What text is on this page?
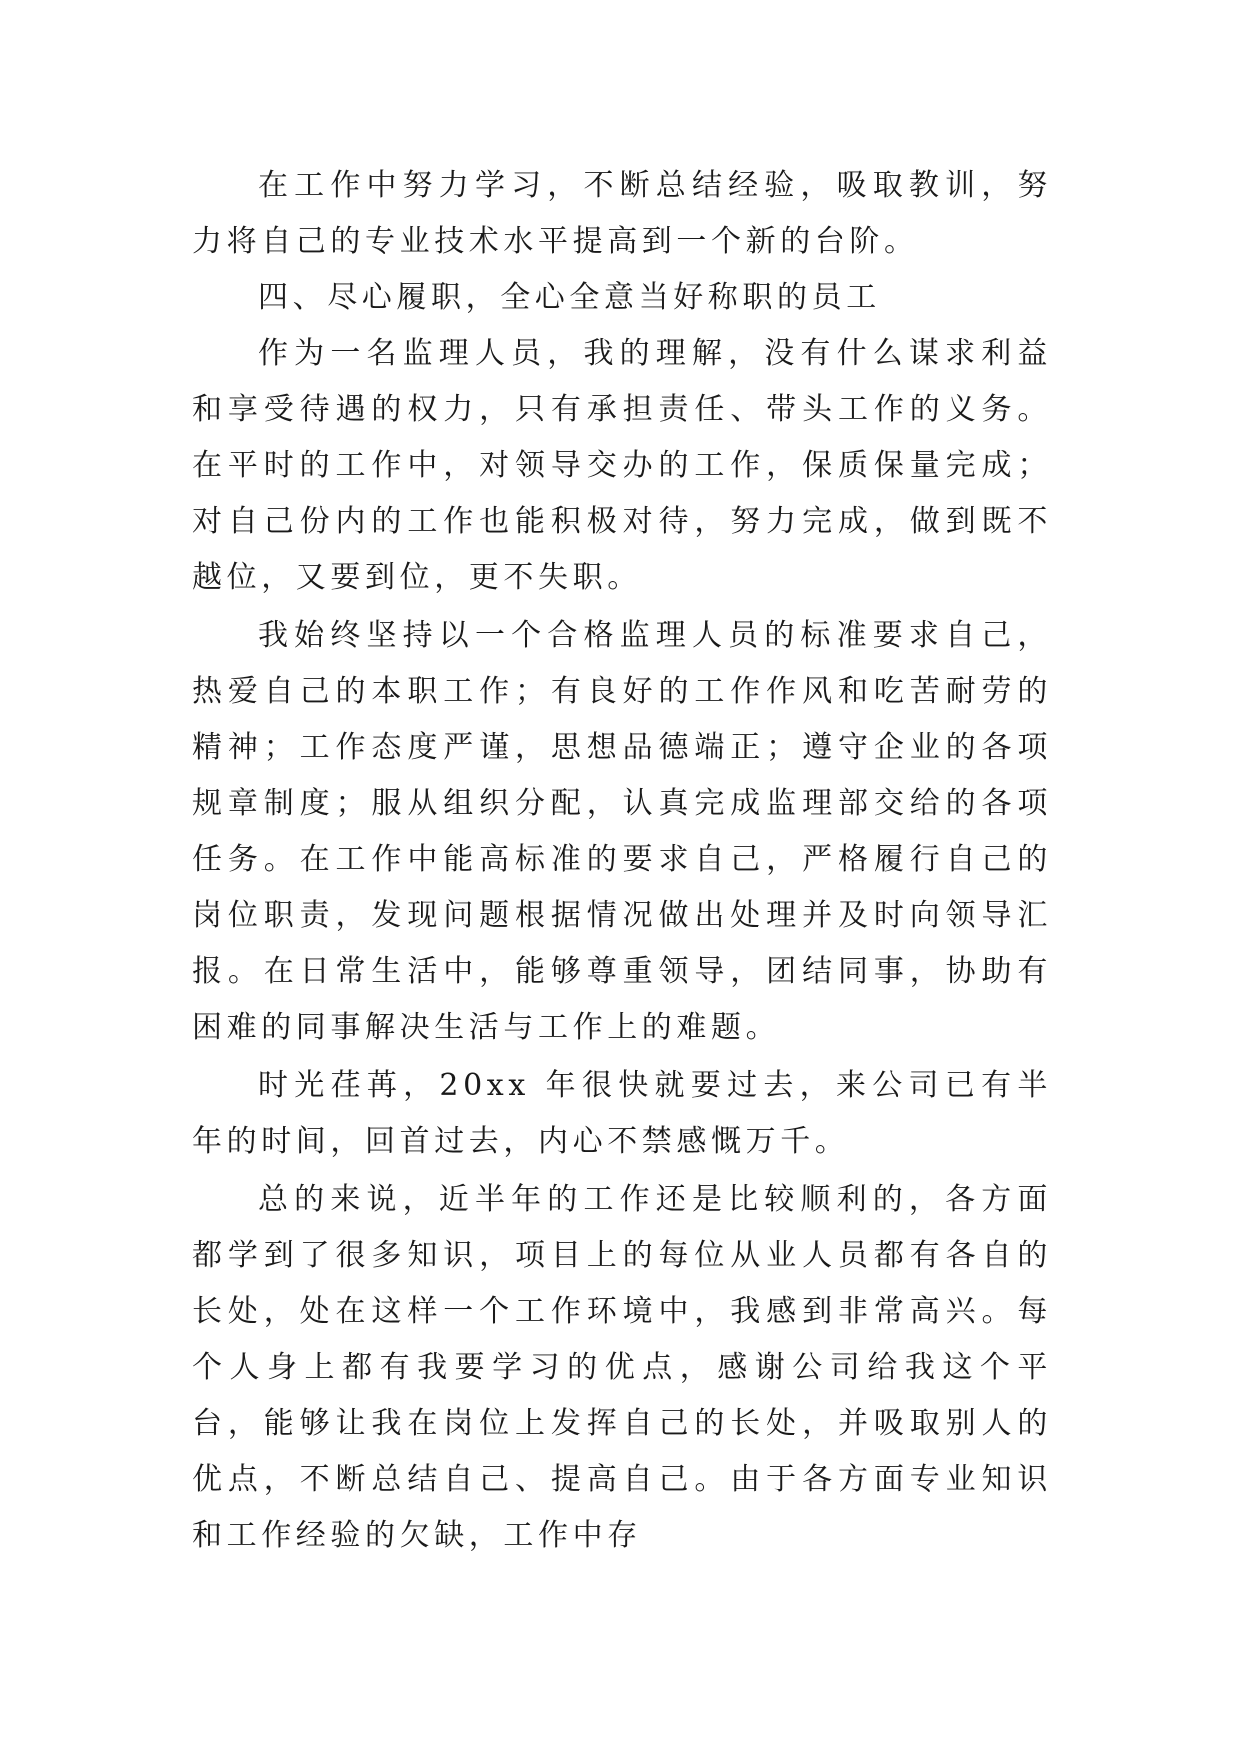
在工作中努力学习，不断总结经验，吸取教训，努力将自己的专业技术水平提高到一个新的台阶。

四、尽心履职，全心全意当好称职的员工

作为一名监理人员，我的理解，没有什么谋求利益和享受待遇的权力，只有承担责任、带头工作的义务。在平时的工作中，对领导交办的工作，保质保量完成；对自己份内的工作也能积极对待，努力完成，做到既不越位，又要到位，更不失职。

我始终坚持以一个合格监理人员的标准要求自己，热爱自己的本职工作；有良好的工作作风和吃苦耐劳的精神；工作态度严谨，思想品德端正；遵守企业的各项规章制度；服从组织分配，认真完成监理部交给的各项任务。在工作中能高标准的要求自己，严格履行自己的岗位职责，发现问题根据情况做出处理并及时向领导汇报。在日常生活中，能够尊重领导，团结同事，协助有困难的同事解决生活与工作上的难题。

时光荏苒，20xx 年很快就要过去，来公司已有半年的时间，回首过去，内心不禁感慨万千。

总的来说，近半年的工作还是比较顺利的，各方面都学到了很多知识，项目上的每位从业人员都有各自的长处，处在这样一个工作环境中，我感到非常高兴。每个人身上都有我要学习的优点，感谢公司给我这个平台，能够让我在岗位上发挥自己的长处，并吸取别人的优点，不断总结自己、提高自己。由于各方面专业知识和工作经验的欠缺，工作中存
